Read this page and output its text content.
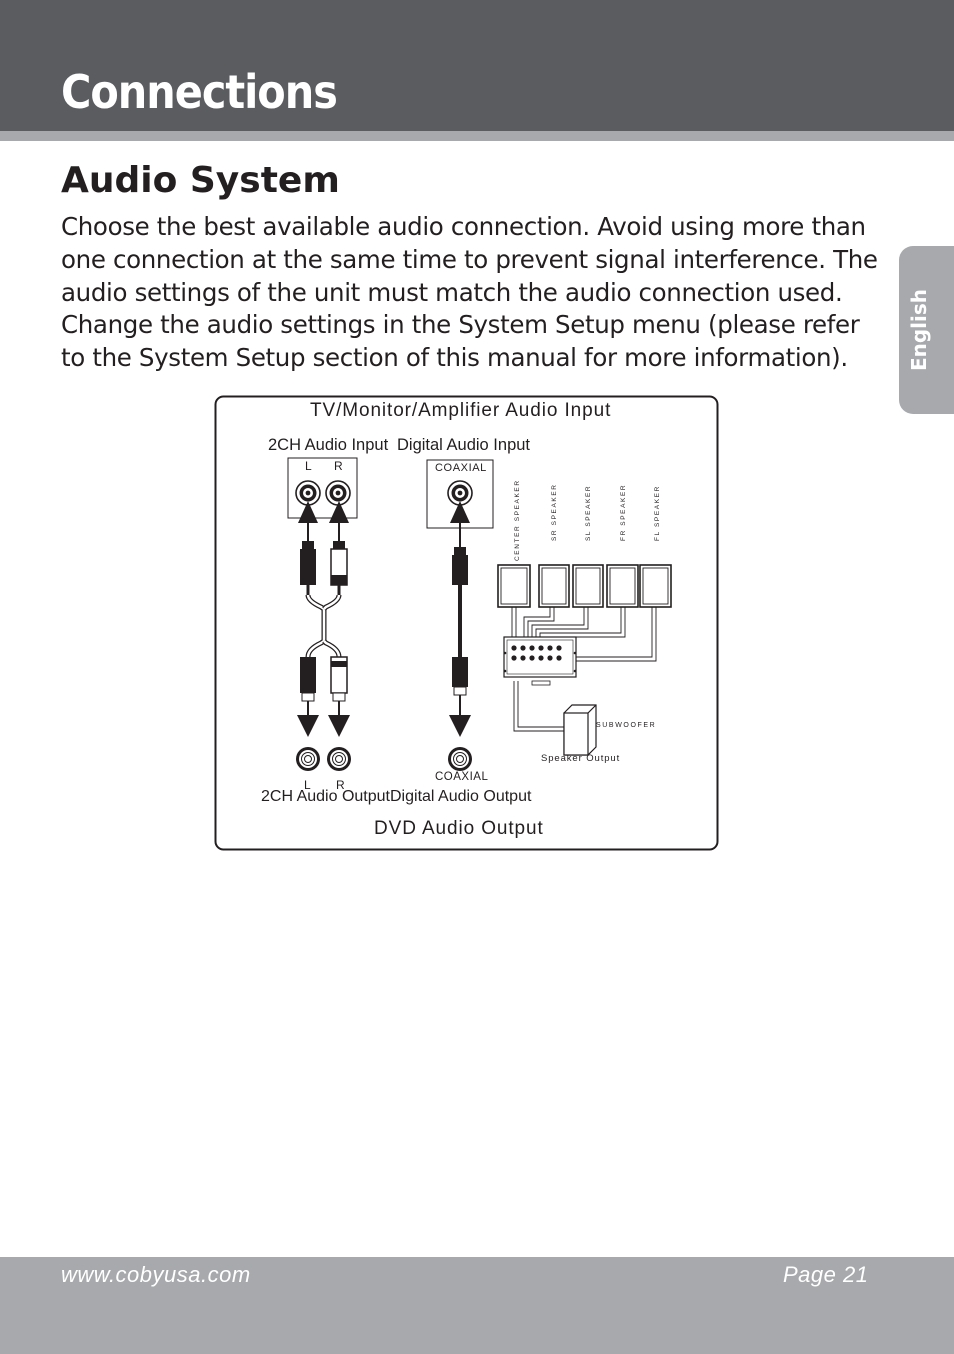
Connections
Audio System

Choose the best available audio connection. Avoid using more than one connection at the same time to prevent signal interference. The audio settings of the unit must match the audio connection used. Change the audio settings in the System Setup menu (please refer to the System Setup section of this manual for more information).	English
TV/Monitor/Amplifier Audio Input
2CH Audio Input Digital Audio Input
L R	COAXIAL
CENTER SPEAKER	SR SPEAKER	SL SPEAKER	FR SPEAKER	FL SPEAKER
SUBWOOFER
Speaker Output
L R
COAXIAL
2CH Audio Output Digital Audio Output
DVD Audio Output
www.cobyusa.com	Page 21
